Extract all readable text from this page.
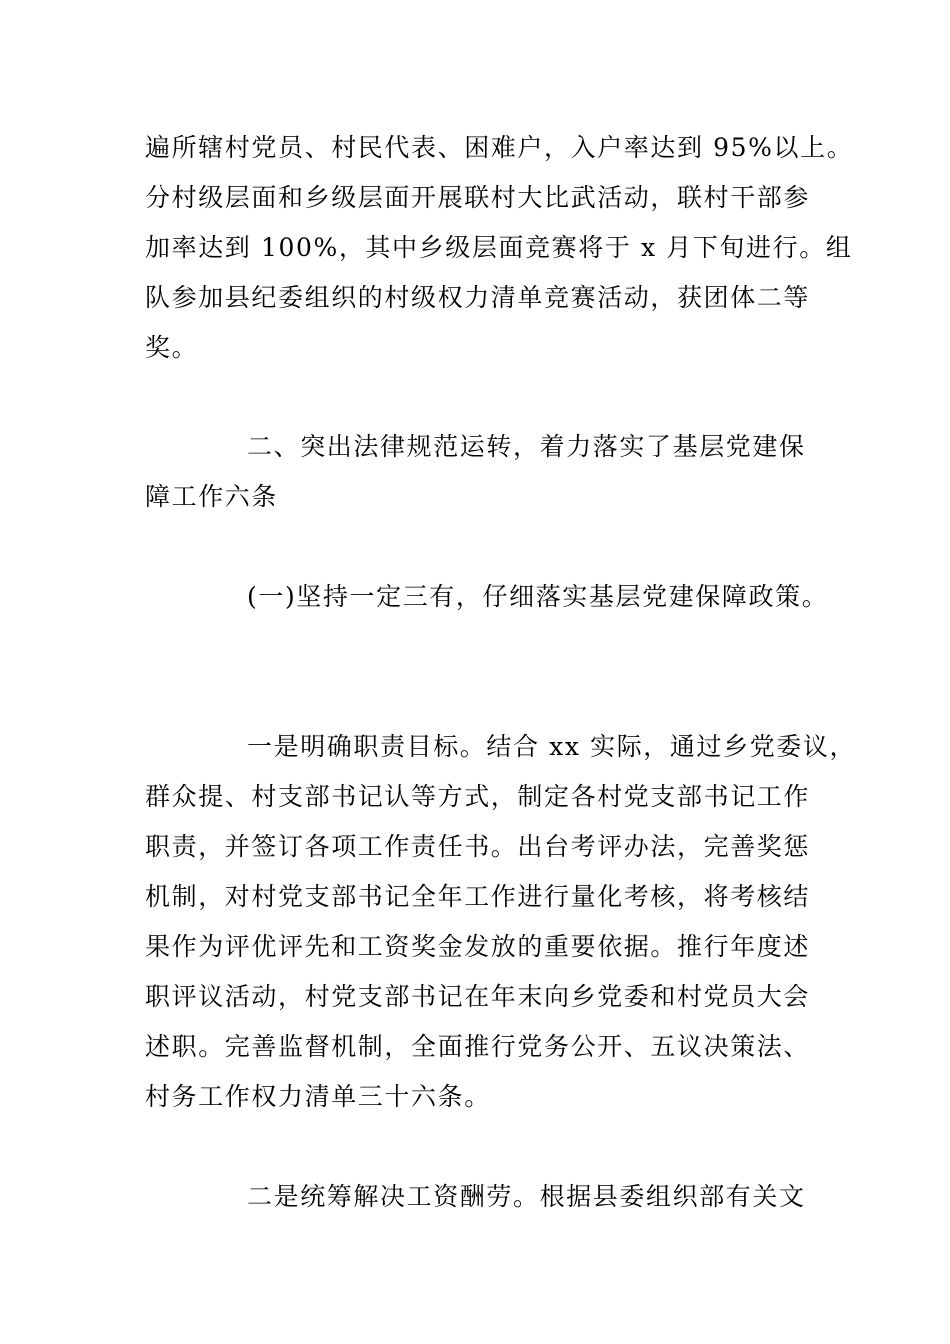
遍所辖村党员、村民代表、困难户，入户率达到 95%以上。
分村级层面和乡级层面开展联村大比武活动，联村干部参
加率达到 100%，其中乡级层面竞赛将于 x 月下旬进行。组
队参加县纪委组织的村级权力清单竞赛活动，获团体二等
奖。
二、突出法律规范运转，着力落实了基层党建保
障工作六条
(一)坚持一定三有，仔细落实基层党建保障政策。
一是明确职责目标。结合 xx 实际，通过乡党委议，
群众提、村支部书记认等方式，制定各村党支部书记工作
职责，并签订各项工作责任书。出台考评办法，完善奖惩
机制，对村党支部书记全年工作进行量化考核，将考核结
果作为评优评先和工资奖金发放的重要依据。推行年度述
职评议活动，村党支部书记在年末向乡党委和村党员大会
述职。完善监督机制，全面推行党务公开、五议决策法、
村务工作权力清单三十六条。
二是统筹解决工资酬劳。根据县委组织部有关文
